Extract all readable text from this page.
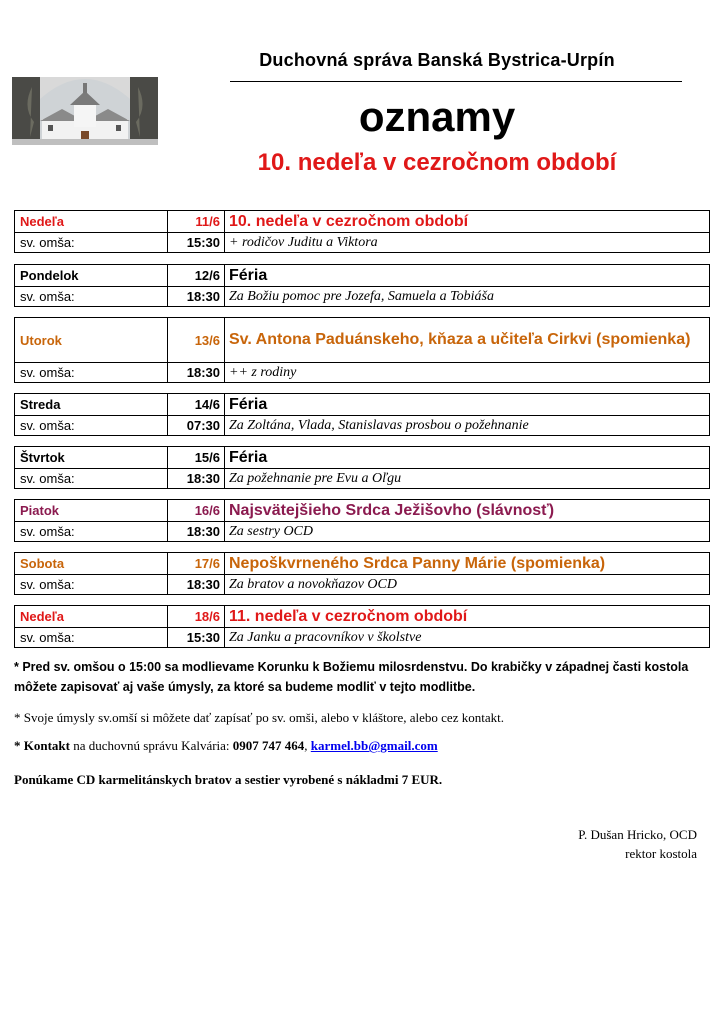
Duchovná správa Banská Bystrica-Urpín
oznamy
10. nedeľa v cezročnom období
Nedeľa	11/6 10. nedeľa v cezročnom období
sv. omša:	15:30 + rodičov Juditu a Viktora
Pondelok	12/6 Féria
sv. omša:	18:30 Za Božiu pomoc pre Jozefa, Samuela a Tobiáša
Utorok	13/6 Sv. Antona Paduánskeho, kňaza a učiteľa Cirkvi (spomienka)
sv. omša:	18:30 ++ z rodiny
Streda	14/6 Féria
sv. omša:	07:30 Za Zoltána, Vlada, Stanislavas prosbou o požehnanie
Štvrtok	15/6 Féria
sv. omša:	18:30 Za požehnanie pre Evu a Oľgu
Piatok	16/6 Najsvätejšieho Srdca Ježišovho (slávnosť)
sv. omša:	18:30 Za sestry OCD
Sobota	17/6 Nepoškvrneného Srdca Panny Márie (spomienka)
sv. omša:	18:30 Za bratov a novokňazov OCD
Nedeľa	18/6 11. nedeľa v cezročnom období
sv. omša:	15:30 Za Janku a pracovníkov v školstve
* Pred sv. omšou o 15:00 sa modlievame Korunku k Božiemu milosrdenstvu. Do krabičky v západnej časti kostola môžete zapisovať aj vaše úmysly, za ktoré sa budeme modliť v tejto modlitbe.
* Svoje úmysly sv.omší si môžete dať zapísať po sv. omši, alebo v kláštore, alebo cez kontakt.
* Kontakt na duchovnú správu Kalvária: 0907 747 464, karmel.bb@gmail.com
Ponúkame CD karmelitánskych bratov a sestier vyrobené s nákladmi 7 EUR.
P. Dušan Hricko, OCD
rektor kostola
